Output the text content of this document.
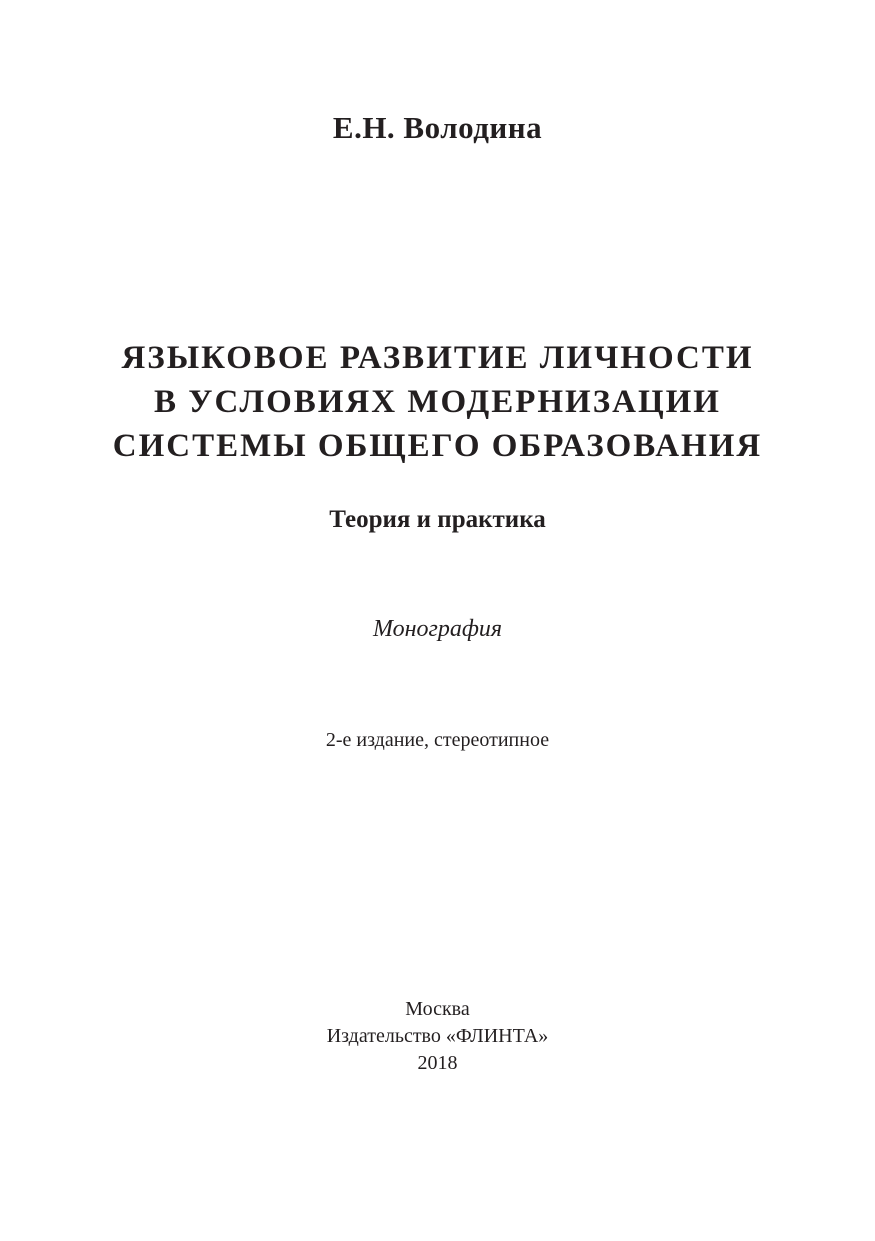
Е.Н. Володина
ЯЗЫКОВОЕ РАЗВИТИЕ ЛИЧНОСТИ
В УСЛОВИЯХ МОДЕРНИЗАЦИИ
СИСТЕМЫ ОБЩЕГО ОБРАЗОВАНИЯ
Теория и практика
Монография
2-е издание, стереотипное
Москва
Издательство «ФЛИНТА»
2018
